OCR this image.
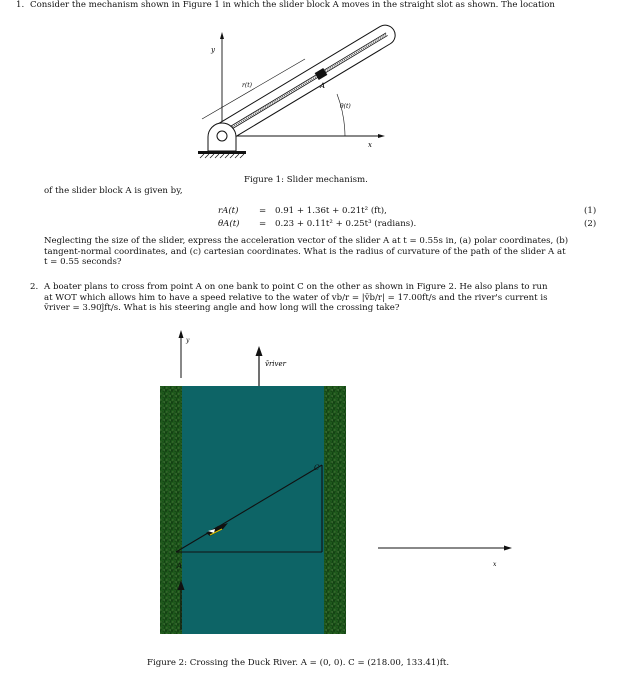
1. Consider the mechanism shown in Figure 1 in which the slider block A moves in the straight slot as shown. The location
y
x
r(t)	A
θ(t)
Figure 1: Slider mechanism.
of the slider block A is given by,
rA(t) = 0.91 + 1.36t + 0.21t² (ft),	(1)
θA(t) = 0.23 + 0.11t² + 0.25t³ (radians).	(2)
Neglecting the size of the slider, express the acceleration vector of the slider A at t = 0.55s in, (a) polar coordinates, (b)
tangent-normal coordinates, and (c) cartesian coordinates. What is the radius of curvature of the path of the slider A at
t = 0.55 seconds?
2. A boater plans to cross from point A on one bank to point C on the other as shown in Figure 2. He also plans to run
at WOT which allows him to have a speed relative to the water of vb/r = |v̄b/r| = 17.00ft/s and the river's current is
v̄river = 3.90ĵft/s. What is his steering angle and how long will the crossing take?
y
v̄river
C
A	x
Figure 2: Crossing the Duck River. A = (0, 0). C = (218.00, 133.41)ft.
